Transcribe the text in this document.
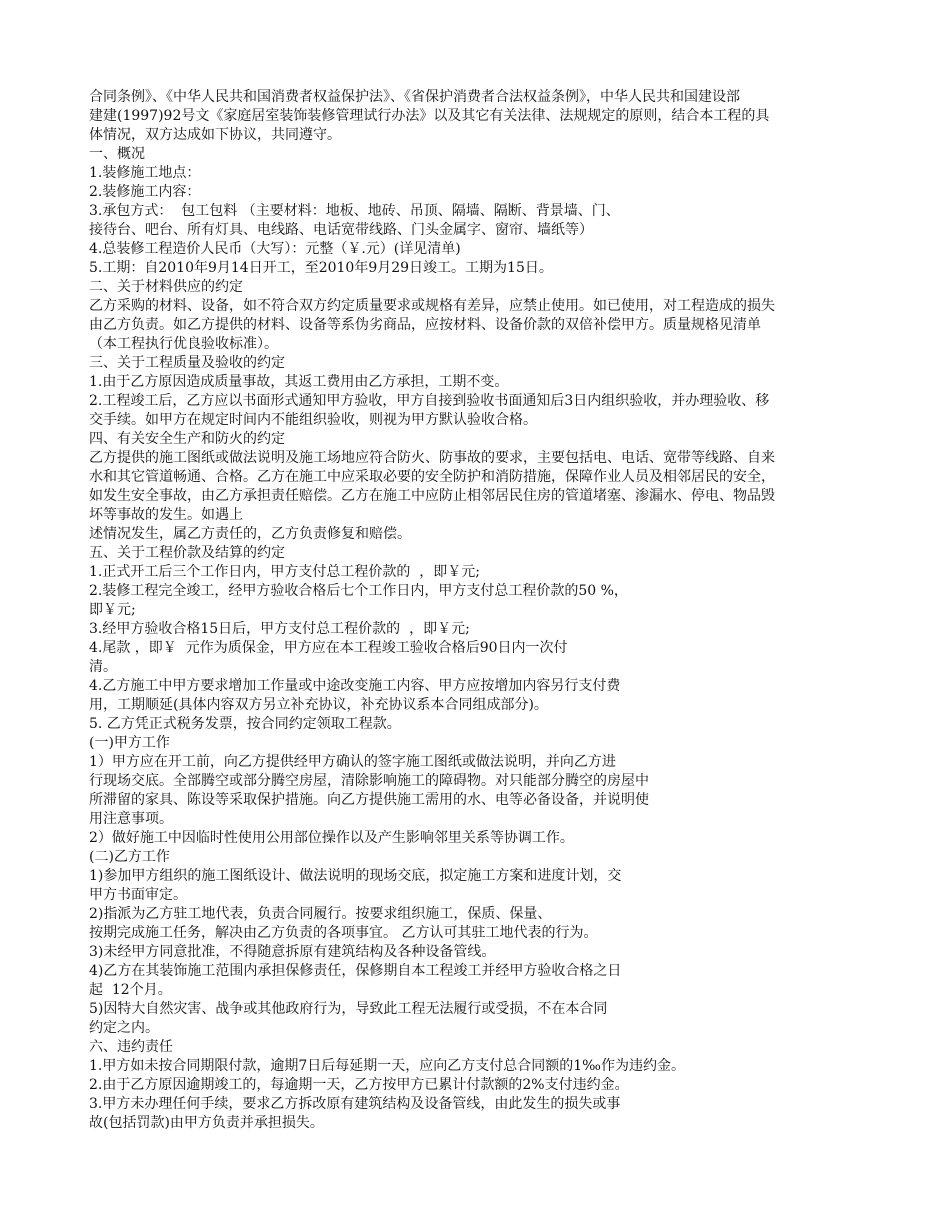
合同条例》、《中华人民共和国消费者权益保护法》、《省保护消费者合法权益条例》，中华人民共和国建设部
建建(1997)92号文《家庭居室装饰装修管理试行办法》以及其它有关法律、法规规定的原则，结合本工程的具
体情况，双方达成如下协议，共同遵守。
一、概况
1.装修施工地点：
2.装修施工内容：
3.承包方式：  包工包料 （主要材料：地板、地砖、吊顶、隔墙、隔断、背景墙、门、
接待台、吧台、所有灯具、电线路、电话宽带线路、门头金属字、窗帘、墙纸等）
4.总装修工程造价人民币（大写）：元整（￥.元）(详见清单)
5.工期：自2010年9月14日开工，至2010年9月29日竣工。工期为15日。
二、关于材料供应的约定
乙方采购的材料、设备，如不符合双方约定质量要求或规格有差异，应禁止使用。如已使用，对工程造成的损失
由乙方负责。如乙方提供的材料、设备等系伪劣商品，应按材料、设备价款的双倍补偿甲方。质量规格见清单
（本工程执行优良验收标准）。
三、关于工程质量及验收的约定
1.由于乙方原因造成质量事故，其返工费用由乙方承担，工期不变。
2.工程竣工后，乙方应以书面形式通知甲方验收，甲方自接到验收书面通知后3日内组织验收，并办理验收、移
交手续。如甲方在规定时间内不能组织验收，则视为甲方默认验收合格。
四、有关安全生产和防火的约定
乙方提供的施工图纸或做法说明及施工场地应符合防火、防事故的要求，主要包括电、电话、宽带等线路、自来
水和其它管道畅通、合格。乙方在施工中应采取必要的安全防护和消防措施，保障作业人员及相邻居民的安全，
如发生安全事故，由乙方承担责任赔偿。乙方在施工中应防止相邻居民住房的管道堵塞、渗漏水、停电、物品毁
坏等事故的发生。如遇上
述情况发生，属乙方责任的，乙方负责修复和赔偿。
五、关于工程价款及结算的约定
1.正式开工后三个工作日内，甲方支付总工程价款的  ，即￥元;
2.装修工程完全竣工，经甲方验收合格后七个工作日内，甲方支付总工程价款的50 %，
即￥元;
3.经甲方验收合格15日后，甲方支付总工程价款的  ，即￥元;
4.尾款 ，即￥  元作为质保金，甲方应在本工程竣工验收合格后90日内一次付
清。
4.乙方施工中甲方要求增加工作量或中途改变施工内容、甲方应按增加内容另行支付费
用，工期顺延(具体内容双方另立补充协议，补充协议系本合同组成部分)。
5. 乙方凭正式税务发票，按合同约定领取工程款。
(一)甲方工作
1）甲方应在开工前，向乙方提供经甲方确认的签字施工图纸或做法说明，并向乙方进
行现场交底。全部腾空或部分腾空房屋，清除影响施工的障碍物。对只能部分腾空的房屋中
所滞留的家具、陈设等采取保护措施。向乙方提供施工需用的水、电等必备设备，并说明使
用注意事项。
2）做好施工中因临时性使用公用部位操作以及产生影响邻里关系等协调工作。
(二)乙方工作
1)参加甲方组织的施工图纸设计、做法说明的现场交底，拟定施工方案和进度计划，交
甲方书面审定。
2)指派为乙方驻工地代表，负责合同履行。按要求组织施工，保质、保量、
按期完成施工任务，解决由乙方负责的各项事宜。 乙方认可其驻工地代表的行为。
3)未经甲方同意批准，不得随意拆原有建筑结构及各种设备管线。
4)乙方在其装饰施工范围内承担保修责任，保修期自本工程竣工并经甲方验收合格之日
起  12个月。
5)因特大自然灾害、战争或其他政府行为，导致此工程无法履行或受损，不在本合同
约定之内。
六、违约责任
1.甲方如未按合同期限付款，逾期7日后每延期一天，应向乙方支付总合同额的1‰作为违约金。
2.由于乙方原因逾期竣工的，每逾期一天，乙方按甲方已累计付款额的2%支付违约金。
3.甲方未办理任何手续，要求乙方拆改原有建筑结构及设备管线，由此发生的损失或事
故(包括罚款)由甲方负责并承担损失。
